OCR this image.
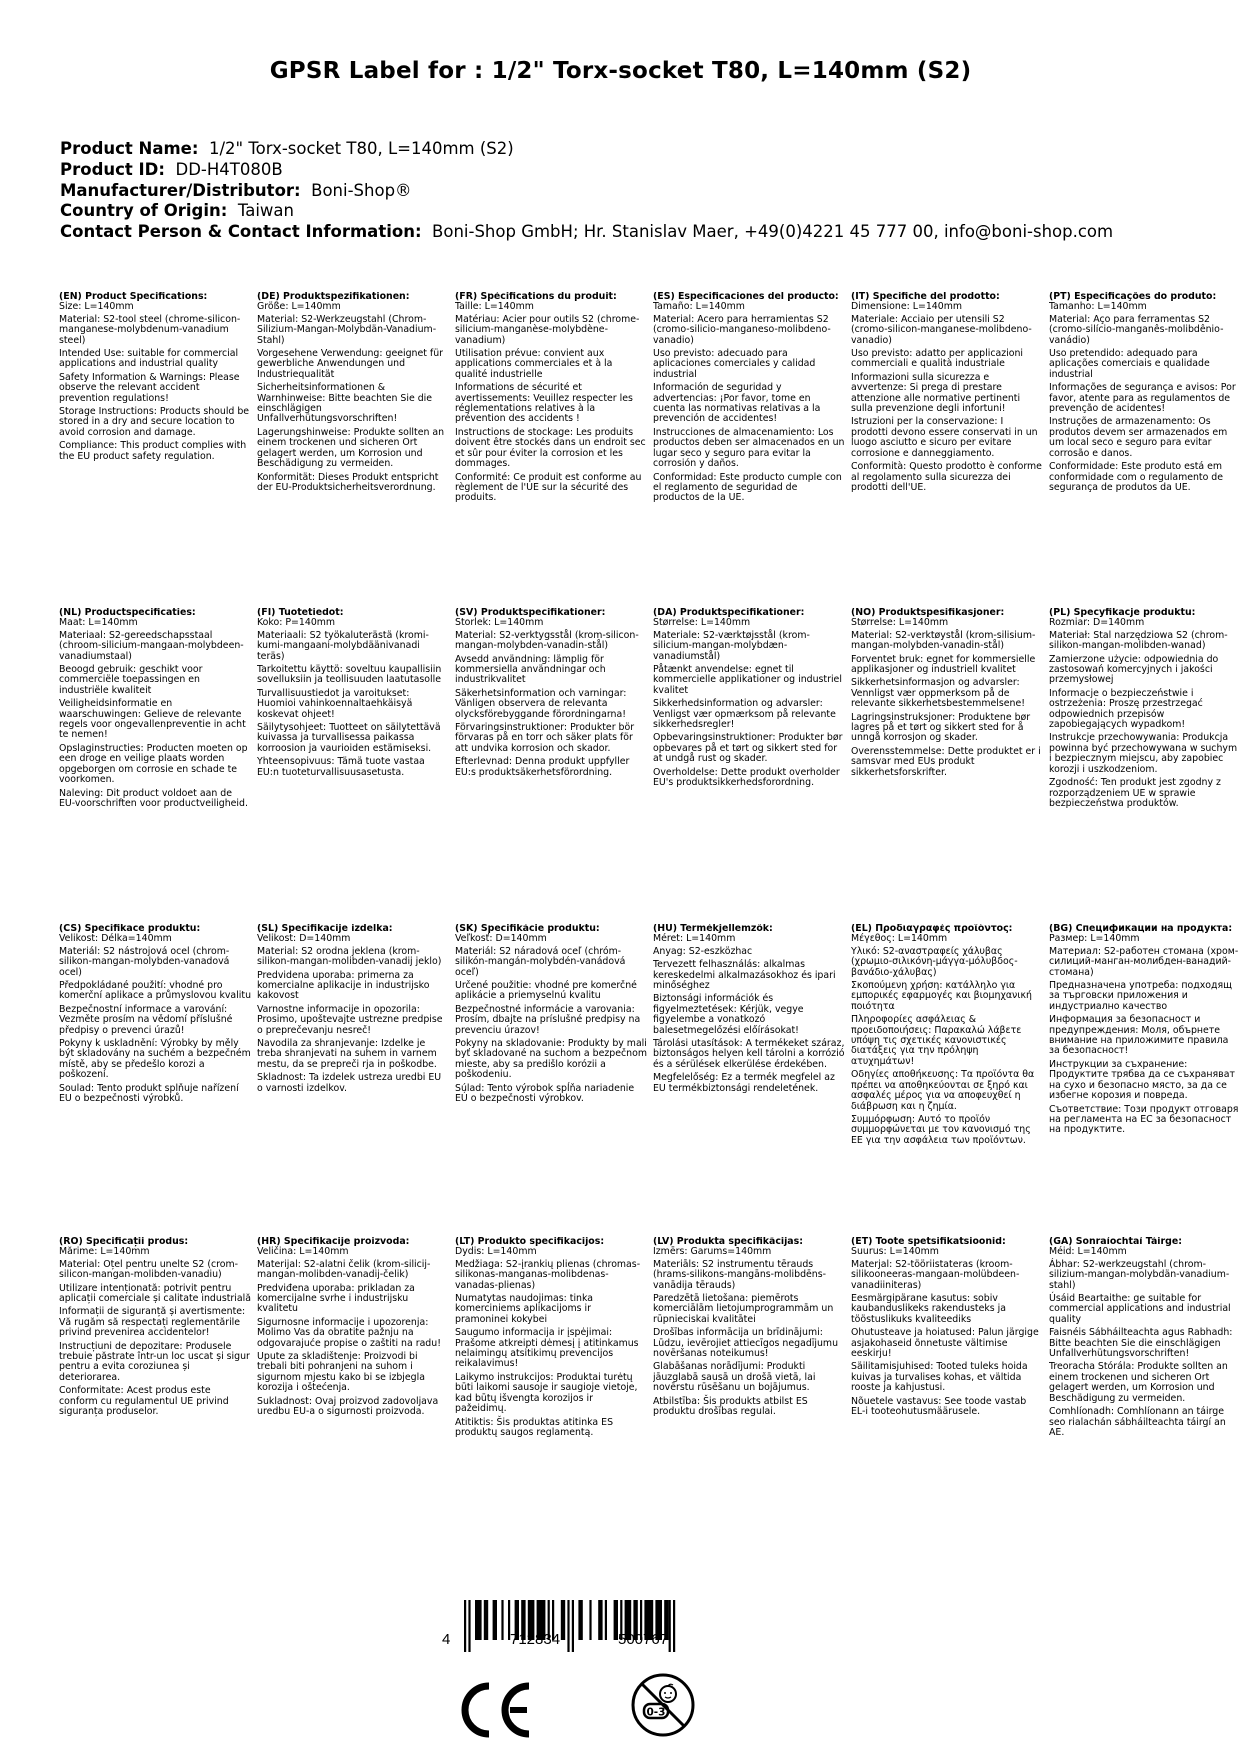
GPSR Label for : 1/2" Torx-socket T80, L=140mm (S2)
Product Name: 1/2" Torx-socket T80, L=140mm (S2)
Product ID: DD-H4T080B
Manufacturer/Distributor: Boni-Shop®
Country of Origin: Taiwan
Contact Person & Contact Information: Boni-Shop GmbH; Hr. Stanislav Maer, +49(0)4221 45 777 00, info@boni-shop.com
(EN) Product Specifications:
Size: L=140mm
Material: S2-tool steel (chrome-silicon-manganese-molybdenum-vanadium steel)
Intended Use: suitable for commercial applications and industrial quality
Safety Information & Warnings: Please observe the relevant accident prevention regulations!
Storage Instructions: Products should be stored in a dry and secure location to avoid corrosion and damage.
Compliance: This product complies with the EU product safety regulation.
(DE) Produktspezifikationen:
Größe: L=140mm
Material: S2-Werkzeugstahl (Chrom-Silizium-Mangan-Molybdän-Vanadium-Stahl)
Vorgesehene Verwendung: geeignet für gewerbliche Anwendungen und Industriequalität
Sicherheitsinformationen & Warnhinweise: Bitte beachten Sie die einschlägigen Unfallverhütungsvorschriften!
Lagerungshinweise: Produkte sollten an einem trockenen und sicheren Ort gelagert werden, um Korrosion und Beschädigung zu vermeiden.
Konformität: Dieses Produkt entspricht der EU-Produktsicherheitsverordnung.
(FR) Spécifications du produit:
Taille: L=140mm
Matériau: Acier pour outils S2 (chrome-silicium-manganèse-molybdène-vanadium)
Utilisation prévue: convient aux applications commerciales et à la qualité industrielle
Informations de sécurité et avertissements: Veuillez respecter les réglementations relatives à la prévention des accidents !
Instructions de stockage: Les produits doivent être stockés dans un endroit sec et sûr pour éviter la corrosion et les dommages.
Conformité: Ce produit est conforme au règlement de l'UE sur la sécurité des produits.
(ES) Especificaciones del producto:
Tamaño: L=140mm
Material: Acero para herramientas S2 (cromo-silicio-manganeso-molibdeno-vanadio)
Uso previsto: adecuado para aplicaciones comerciales y calidad industrial
Información de seguridad y advertencias: ¡Por favor, tome en cuenta las normativas relativas a la prevención de accidentes!
Instrucciones de almacenamiento: Los productos deben ser almacenados en un lugar seco y seguro para evitar la corrosión y daños.
Conformidad: Este producto cumple con el reglamento de seguridad de productos de la UE.
(IT) Specifiche del prodotto:
Dimensione: L=140mm
Materiale: Acciaio per utensili S2 (cromo-silicon-manganese-molibdeno-vanadio)
Uso previsto: adatto per applicazioni commerciali e qualità industriale
Informazioni sulla sicurezza e avvertenze: Si prega di prestare attenzione alle normative pertinenti sulla prevenzione degli infortuni!
Istruzioni per la conservazione: I prodotti devono essere conservati in un luogo asciutto e sicuro per evitare corrosione e danneggiamento.
Conformità: Questo prodotto è conforme al regolamento sulla sicurezza dei prodotti dell'UE.
(PT) Especificações do produto:
Tamanho: L=140mm
Material: Aço para ferramentas S2 (cromo-silício-manganês-molibdênio-vanádio)
Uso pretendido: adequado para aplicações comerciais e qualidade industrial
Informações de segurança e avisos: Por favor, atente para as regulamentos de prevenção de acidentes!
Instruções de armazenamento: Os produtos devem ser armazenados em um local seco e seguro para evitar corrosão e danos.
Conformidade: Este produto está em conformidade com o regulamento de segurança de produtos da UE.
(NL) Productspecificaties:
Maat: L=140mm
Materiaal: S2-gereedschapsstaal (chroom-silicium-mangaan-molybdeen-vanadiumstaal)
Beoogd gebruik: geschikt voor commerciële toepassingen en industriële kwaliteit
Veiligheidsinformatie en waarschuwingen: Gelieve de relevante regels voor ongevallenpreventie in acht te nemen!
Opslaginstructies: Producten moeten op een droge en veilige plaats worden opgeborgen om corrosie en schade te voorkomen.
Naleving: Dit product voldoet aan de EU-voorschriften voor productveiligheid.
(FI) Tuotetiedot:
Koko: P=140mm
Materiaali: S2 työkaluterästä (kromi-kumi-mangaani-molybdäänivanadi teräs)
Tarkoitettu käyttö: soveltuu kaupallisiin sovelluksiin ja teollisuuden laatutasolle
Turvallisuustiedot ja varoitukset: Huomioi vahinkoennaltaehkäisyä koskevat ohjeet!
Säilytysohjeet: Tuotteet on säilytettävä kuivassa ja turvallisessa paikassa korroosion ja vaurioiden estämiseksi.
Yhteensopivuus: Tämä tuote vastaa EU:n tuoteturvallisuusasetusta.
(SV) Produktspecifikationer:
Storlek: L=140mm
Material: S2-verktygsstål (krom-silicon-mangan-molybden-vanadin-stål)
Avsedd användning: lämplig för kommersiella användningar och industrikvalitet
Säkerhetsinformation och varningar: Vänligen observera de relevanta olycksförebyggande förordningarna!
Förvaringsinstruktioner: Produkter bör förvaras på en torr och säker plats för att undvika korrosion och skador.
Efterlevnad: Denna produkt uppfyller EU:s produktsäkerhetsförordning.
(DA) Produktspecifikationer:
Størrelse: L=140mm
Materiale: S2-værktøjsstål (krom-silicium-mangan-molybdæn-vanadiumstål)
Påtænkt anvendelse: egnet til kommercielle applikationer og industriel kvalitet
Sikkerhedsinformation og advarsler: Venligst vær opmærksom på relevante sikkerhedsregler!
Opbevaringsinstruktioner: Produkter bør opbevares på et tørt og sikkert sted for at undgå rust og skader.
Overholdelse: Dette produkt overholder EU's produktsikkerhedsforordning.
(NO) Produktspesifikasjoner:
Størrelse: L=140mm
Material: S2-verktøystål (krom-silisium-mangan-molybden-vanadin-stål)
Forventet bruk: egnet for kommersielle applikasjoner og industriell kvalitet
Sikkerhetsinformasjon og advarsler: Vennligst vær oppmerksom på de relevante sikkerhetsbestemmelsene!
Lagringsinstruksjoner: Produktene bør lagres på et tørt og sikkert sted for å unngå korrosjon og skader.
Overensstemmelse: Dette produktet er i samsvar med EUs produkt sikkerhetsforskrifter.
(PL) Specyfikacje produktu:
Rozmiar: D=140mm
Materiał: Stal narzędziowa S2 (chrom-silikon-mangan-molibden-wanad)
Zamierzone użycie: odpowiednia do zastosowań komercyjnych i jakości przemysłowej
Informacje o bezpieczeństwie i ostrzeżenia: Proszę przestrzegać odpowiednich przepisów zapobiegających wypadkom!
Instrukcje przechowywania: Produkcja powinna być przechowywana w suchym i bezpiecznym miejscu, aby zapobiec korozji i uszkodzeniom.
Zgodność: Ten produkt jest zgodny z rozporządzeniem UE w sprawie bezpieczeństwa produktów.
(CS) Specifikace produktu:
Velikost: Délka=140mm
Materiál: S2 nástrojová ocel (chrom-silikon-mangan-molybden-vanadová ocel)
Předpokládané použití: vhodné pro komerční aplikace a průmyslovou kvalitu
Bezpečnostní informace a varování: Vezměte prosím na vědomí příslušné předpisy o prevenci úrazů!
Pokyny k uskladnění: Výrobky by měly být skladovány na suchém a bezpečném místě, aby se předešlo korozi a poškození.
Soulad: Tento produkt splňuje nařízení EU o bezpečnosti výrobků.
(SL) Specifikacije izdelka:
Velikost: D=140mm
Material: S2 orodna jeklena (krom-silikon-mangan-molibden-vanadij jeklo)
Predvidena uporaba: primerna za komercialne aplikacije in industrijsko kakovost
Varnostne informacije in opozorila: Prosimo, upoštevajte ustrezne predpise o preprečevanju nesreč!
Navodila za shranjevanje: Izdelke je treba shranjevati na suhem in varnem mestu, da se prepreči rja in poškodbe.
Skladnost: Ta izdelek ustreza uredbi EU o varnosti izdelkov.
(SK) Špecifikácie produktu:
Veľkosť: D=140mm
Materiál: S2 náradová oceľ (chróm-silikón-mangán-molybdén-vanádová oceľ)
Určené použitie: vhodné pre komerčné aplikácie a priemyselnú kvalitu
Bezpečnostné informácie a varovania: Prosím, dbajte na príslušné predpisy na prevenciu úrazov!
Pokyny na skladovanie: Produkty by mali byť skladované na suchom a bezpečnom mieste, aby sa predišlo korózii a poškodeniu.
Súlad: Tento výrobok spĺňa nariadenie EÚ o bezpečnosti výrobkov.
(HU) Termékjellemzők:
Méret: L=140mm
Anyag: S2-eszközhac
Tervezett felhasználás: alkalmas kereskedelmi alkalmazásokhoz és ipari minőséghez
Biztonsági információk és figyelmeztetések: Kérjük, vegye figyelembe a vonatkozó balesetmegelőzési előírásokat!
Tárolási utasítások: A termékeket száraz, biztonságos helyen kell tárolni a korrózió és a sérülések elkerülése érdekében.
Megfelelőség: Ez a termék megfelel az EU termékbiztonsági rendeletének.
(EL) Προδιαγραφές προϊόντος:
Μέγεθος: L=140mm
Υλικό: S2-αναστραφείς χάλυβας (χρωμιο-σιλικόνη-μάγγα-μόλυβδος-βανάδιο-χάλυβας)
Σκοπούμενη χρήση: κατάλληλο για εμπορικές εφαρμογές και βιομηχανική ποιότητα
Πληροφορίες ασφάλειας & προειδοποιήσεις: Παρακαλώ λάβετε υπόψη τις σχετικές κανονιστικές διατάξεις για την πρόληψη ατυχημάτων!
Οδηγίες αποθήκευσης: Τα προϊόντα θα πρέπει να αποθηκεύονται σε ξηρό και ασφαλές μέρος για να αποφευχθεί η διάβρωση και η ζημία.
Συμμόρφωση: Αυτό το προϊόν συμμορφώνεται με τον κανονισμό της ΕΕ για την ασφάλεια των προϊόντων.
(BG) Спецификации на продукта:
Размер: L=140mm
Материал: S2-работен стомана (хром-силиций-манган-молибден-ванадий-стомана)
Предназначена употреба: подходящ за търговски приложения и индустриално качество
Информация за безопасност и предупреждения: Моля, обърнете внимание на приложимите правила за безопасност!
Инструкции за съхранение: Продуктите трябва да се съхраняват на сухо и безопасно място, за да се избегне корозия и повреда.
Съответствие: Този продукт отговаря на регламента на ЕС за безопасност на продуктите.
(RO) Specificații produs:
Mărime: L=140mm
Material: Oțel pentru unelte S2 (crom-silicon-mangan-molibden-vanadiu)
Utilizare intenționată: potrivit pentru aplicații comerciale și calitate industrială
Informații de siguranță și avertismente: Vă rugăm să respectați reglementările privind prevenirea accidentelor!
Instrucțiuni de depozitare: Produsele trebuie păstrate într-un loc uscat și sigur pentru a evita coroziunea și deteriorarea.
Conformitate: Acest produs este conform cu regulamentul UE privind siguranța produselor.
(HR) Specifikacije proizvoda:
Veličina: L=140mm
Materijal: S2-alatni čelik (krom-silicij-mangan-molibden-vanadij-čelik)
Predviđena uporaba: prikladan za komercijalne svrhe i industrijsku kvalitetu
Sigurnosne informacije i upozorenja: Molimo Vas da obratite pažnju na odgovarajuće propise o zaštiti na radu!
Upute za skladištenje: Proizvodi bi trebali biti pohranjeni na suhom i sigurnom mjestu kako bi se izbjegla korozija i oštećenja.
Sukladnost: Ovaj proizvod zadovoljava uredbu EU-a o sigurnosti proizvoda.
(LT) Produkto specifikacijos:
Dydis: L=140mm
Medžiaga: S2-įrankių plienas (chromas-silikonas-manganas-molibdenas-vanadas-plienas)
Numatytas naudojimas: tinka komerciniems aplikacijoms ir pramoninei kokybei
Saugumo informacija ir įspėjimai: Prašome atkreipti dėmesį į atitinkamus nelaimingų atsitikimų prevencijos reikalavimus!
Laikymo instrukcijos: Produktai turėtų būti laikomi sausoje ir saugioje vietoje, kad būtų išvengta korozijos ir pažeidimų.
Atitiktis: Šis produktas atitinka ES produktų saugos reglamentą.
(LV) Produkta specifikācijas:
Izmērs: Garums=140mm
Materiāls: S2 instrumentu tērauds (hrams-silikons-mangāns-molibdēns-vanādija tērauds)
Paredzētā lietošana: piemērots komerciālām lietojumprogrammām un rūpnieciskai kvalitātei
Drošības informācija un brīdinājumi: Lūdzu, ievērojiet attiecīgos negadījumu novēršanas noteikumus!
Glabāšanas norādījumi: Produkti jāuzglabā sausā un drošā vietā, lai novērstu rūsēšanu un bojājumus.
Atbilstība: Šis produkts atbilst ES produktu drošības regulai.
(ET) Toote spetsifikatsioonid:
Suurus: L=140mm
Materjal: S2-tööriistateras (kroom-silikooneeras-mangaan-molübdeen-vanadiiniteras)
Eesmärgipärane kasutus: sobiv kaubanduslikeks rakendusteks ja tööstuslikuks kvaliteediks
Ohutusteave ja hoiatused: Palun järgige asjakohaseid õnnetuste vältimise eeskirju!
Säilitamisjuhised: Tooted tuleks hoida kuivas ja turvalises kohas, et vältida rooste ja kahjustusi.
Nõuetele vastavus: See toode vastab EL-i tooteohutusmäärusele.
(GA) Sonraíochtaí Táirge:
Méid: L=140mm
Ábhar: S2-werkzeugstahl (chrom-silizium-mangan-molybdän-vanadium-stahl)
Úsáid Beartaithe: ge suitable for commercial applications and industrial quality
Faisnéis Sábháilteachta agus Rabhadh: Bitte beachten Sie die einschlägigen Unfallverhütungsvorschriften!
Treoracha Stórála: Produkte sollten an einem trockenen und sicheren Ort gelagert werden, um Korrosion und Beschädigung zu vermeiden.
Comhlíonadh: Comhlíonann an táirge seo rialachán sábháilteachta táirgí an AE.
4	712834	500767
0-3
